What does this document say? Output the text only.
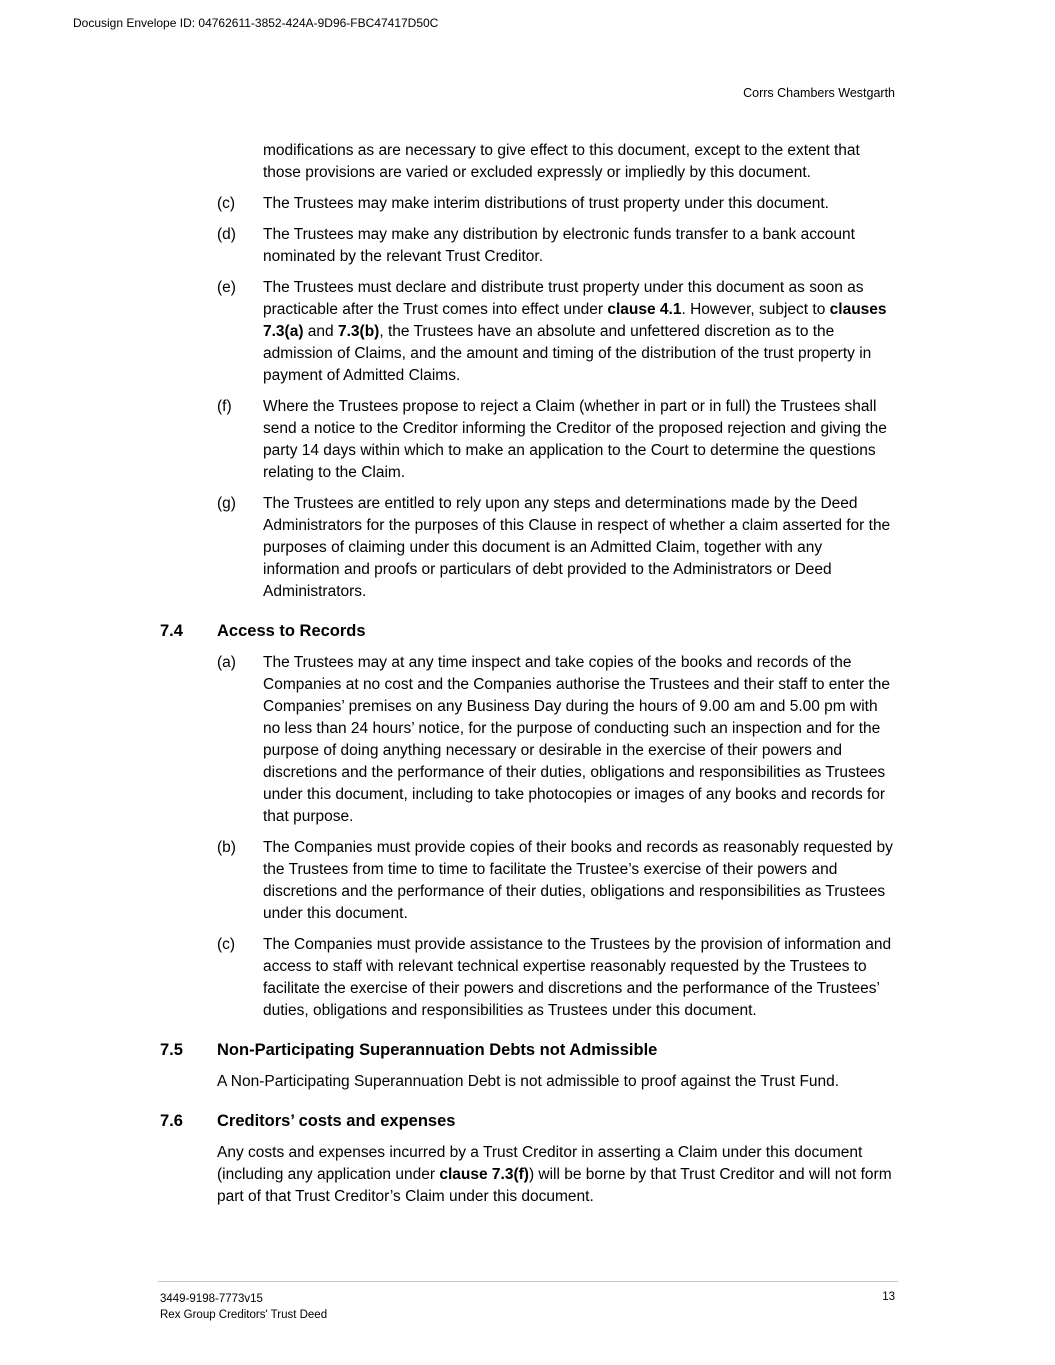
Docusign Envelope ID: 04762611-3852-424A-9D96-FBC47417D50C
Corrs Chambers Westgarth
modifications as are necessary to give effect to this document, except to the extent that those provisions are varied or excluded expressly or impliedly by this document.
(c)	The Trustees may make interim distributions of trust property under this document.
(d)	The Trustees may make any distribution by electronic funds transfer to a bank account nominated by the relevant Trust Creditor.
(e)	The Trustees must declare and distribute trust property under this document as soon as practicable after the Trust comes into effect under clause 4.1. However, subject to clauses 7.3(a) and 7.3(b), the Trustees have an absolute and unfettered discretion as to the admission of Claims, and the amount and timing of the distribution of the trust property in payment of Admitted Claims.
(f)	Where the Trustees propose to reject a Claim (whether in part or in full) the Trustees shall send a notice to the Creditor informing the Creditor of the proposed rejection and giving the party 14 days within which to make an application to the Court to determine the questions relating to the Claim.
(g)	The Trustees are entitled to rely upon any steps and determinations made by the Deed Administrators for the purposes of this Clause in respect of whether a claim asserted for the purposes of claiming under this document is an Admitted Claim, together with any information and proofs or particulars of debt provided to the Administrators or Deed Administrators.
7.4	Access to Records
(a)	The Trustees may at any time inspect and take copies of the books and records of the Companies at no cost and the Companies authorise the Trustees and their staff to enter the Companies’ premises on any Business Day during the hours of 9.00 am and 5.00 pm with no less than 24 hours’ notice, for the purpose of conducting such an inspection and for the purpose of doing anything necessary or desirable in the exercise of their powers and discretions and the performance of their duties, obligations and responsibilities as Trustees under this document, including to take photocopies or images of any books and records for that purpose.
(b)	The Companies must provide copies of their books and records as reasonably requested by the Trustees from time to time to facilitate the Trustee’s exercise of their powers and discretions and the performance of their duties, obligations and responsibilities as Trustees under this document.
(c)	The Companies must provide assistance to the Trustees by the provision of information and access to staff with relevant technical expertise reasonably requested by the Trustees to facilitate the exercise of their powers and discretions and the performance of the Trustees’ duties, obligations and responsibilities as Trustees under this document.
7.5	Non-Participating Superannuation Debts not Admissible
A Non-Participating Superannuation Debt is not admissible to proof against the Trust Fund.
7.6	Creditors’ costs and expenses
Any costs and expenses incurred by a Trust Creditor in asserting a Claim under this document (including any application under clause 7.3(f)) will be borne by that Trust Creditor and will not form part of that Trust Creditor’s Claim under this document.
3449-9198-7773v15
Rex Group Creditors' Trust Deed
13
